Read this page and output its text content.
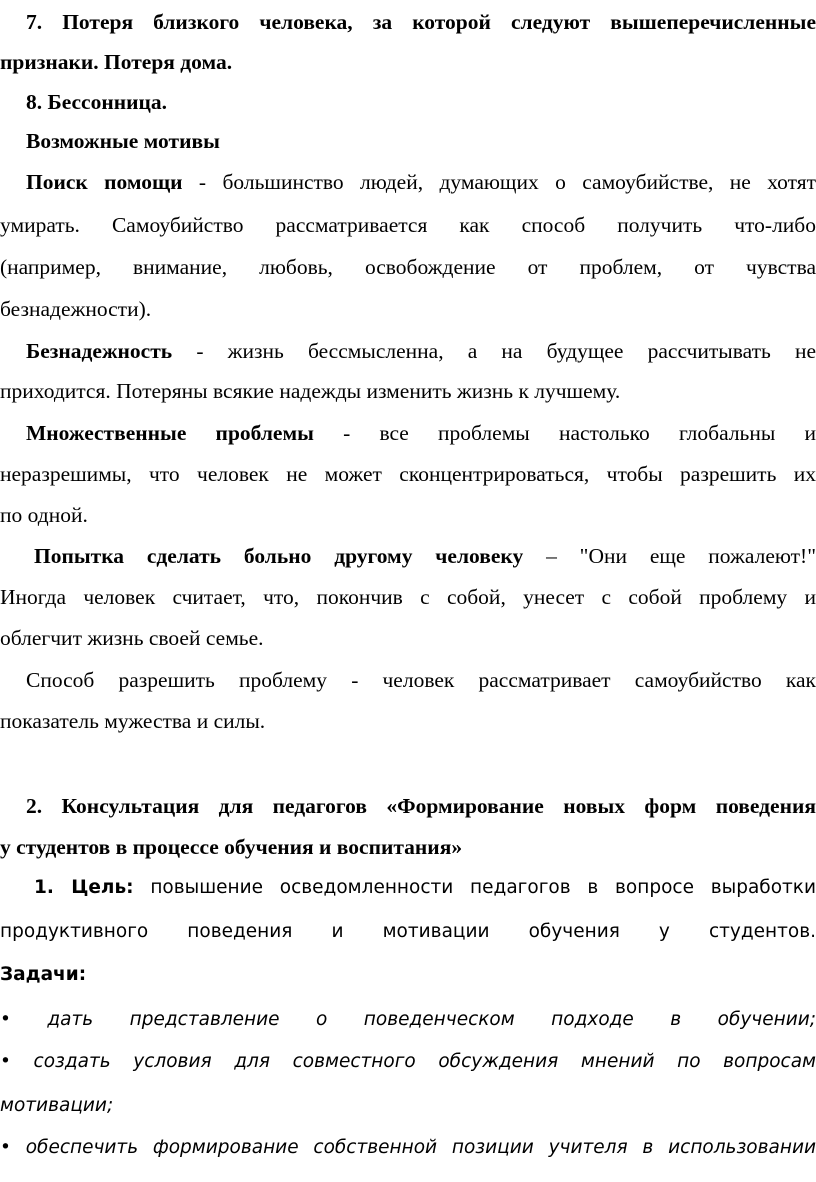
7. Потеря близкого человека, за которой следуют вышеперечисленные
признаки. Потеря дома.
8. Бессонница.
Возможные мотивы
Поиск помощи - большинство людей, думающих о самоубийстве, не хотят
умирать. Самоубийство рассматривается как способ получить что-либо
(например, внимание, любовь, освобождение от проблем, от чувства
безнадежности).
Безнадежность - жизнь бессмысленна, а на будущее рассчитывать не
приходится. Потеряны всякие надежды изменить жизнь к лучшему.
Множественные проблемы - все проблемы настолько глобальны и
неразрешимы, что человек не может сконцентрироваться, чтобы разрешить их
по одной.
Попытка сделать больно другому человеку – "Они еще пожалеют!"
Иногда человек считает, что, покончив с собой, унесет с собой проблему и
облегчит жизнь своей семье.
Способ разрешить проблему - человек рассматривает самоубийство как
показатель мужества и силы.
2. Консультация для педагогов «Формирование новых форм поведения
у студентов в процессе обучения и воспитания»
1. Цель: повышение осведомленности педагогов в вопросе выработки
продуктивного поведения и мотивации обучения у студентов.
Задачи:
• дать представление о поведенческом подходе в обучении;
• создать условия для совместного обсуждения мнений по вопросам
мотивации;
• обеспечить формирование собственной позиции учителя в использовании
